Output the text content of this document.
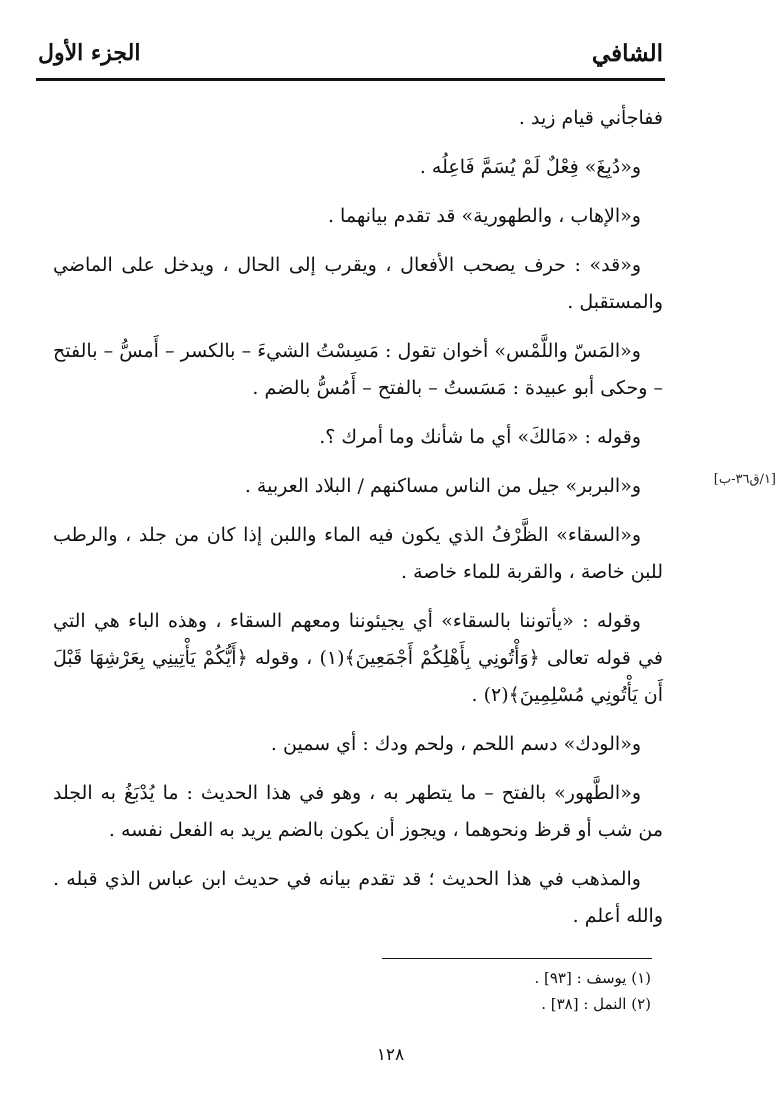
الشافي
الجزء الأول
[١/ق٣٦-ب]

ففاجأني قيام زيد .

و«دُبِغَ» فِعْلٌ لَمْ يُسَمَّ فَاعِلُه .

و«الإهاب ، والطهورية» قد تقدم بيانهما .

و«قد» : حرف يصحب الأفعال ، ويقرب إلى الحال ، ويدخل على الماضي والمستقبل .

و«المَسّ واللَّمْس» أخوان تقول : مَسِسْتُ الشيءَ – بالكسر – أَمسُّ – بالفتح – وحكى أبو عبيدة : مَسَستُ – بالفتح – أَمُسُّ بالضم .

وقوله : «مَالكَ» أي ما شأنك وما أمرك ؟.

و«البربر» جيل من الناس مساكنهم / البلاد العربية .

و«السقاء» الظَّرْفُ الذي يكون فيه الماء واللبن إذا كان من جلد ، والرطب للبن خاصة ، والقربة للماء خاصة .

وقوله : «يأتوننا بالسقاء» أي يجيئوننا ومعهم السقاء ، وهذه الباء هي التي في قوله تعالى ﴿وَأْتُونِي بِأَهْلِكُمْ أَجْمَعِينَ﴾(١) ، وقوله ﴿أَيُّكُمْ يَأْتِينِي بِعَرْشِهَا قَبْلَ أَن يَأْتُونِي مُسْلِمِينَ﴾(٢) .

و«الودك» دسم اللحم ، ولحم ودك : أي سمين .

و«الطَّهور» بالفتح – ما يتطهر به ، وهو في هذا الحديث : ما يُدْبَغُ به الجلد من شب أو قرظ ونحوهما ، ويجوز أن يكون بالضم يريد به الفعل نفسه .

والمذهب في هذا الحديث ؛ قد تقدم بيانه في حديث ابن عباس الذي قبله . والله أعلم .

(١) يوسف : [٩٣] .
(٢) النمل : [٣٨] .
١٢٨
